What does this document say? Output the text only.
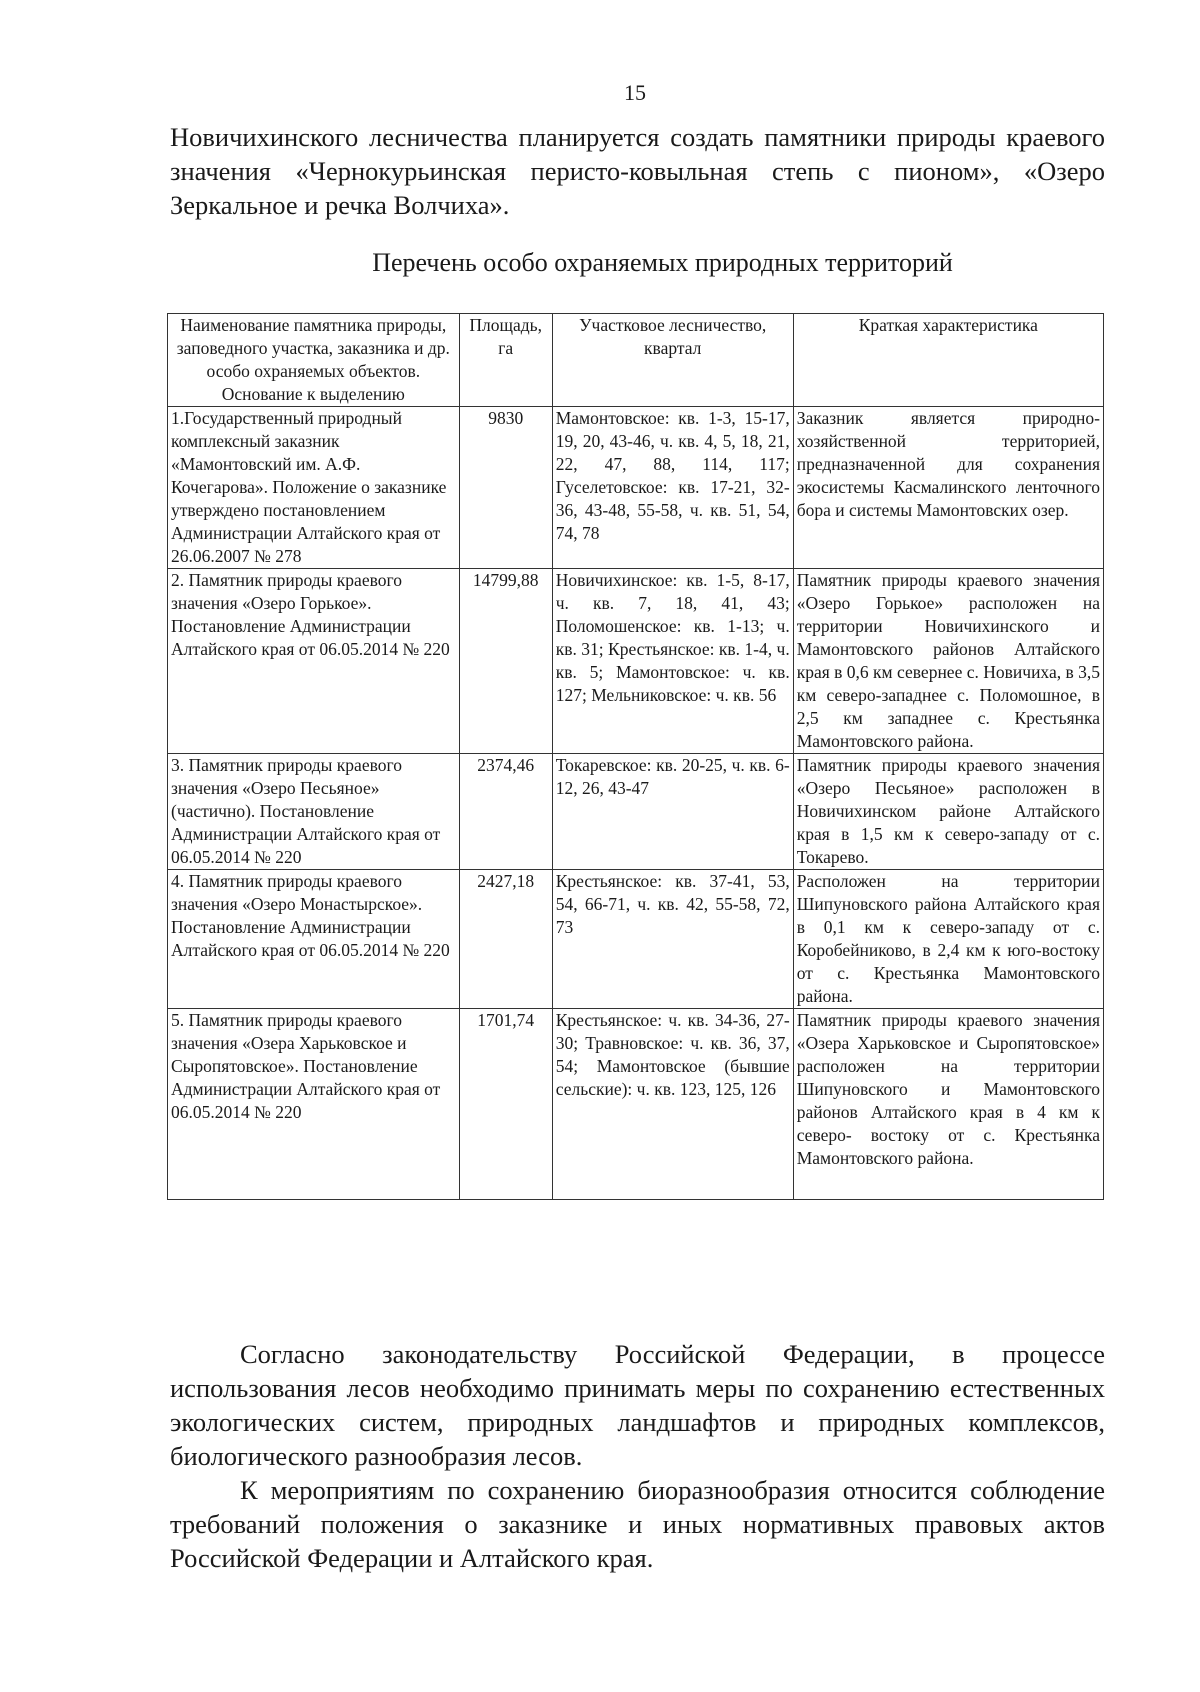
15

Новичихинского лесничества планируется создать памятники природы краевого значения «Чернокурьинская перисто-ковыльная степь с пионом», «Озеро Зеркальное и речка Волчиха».

Перечень особо охраняемых природных территорий
Наименование памятника природы, заповедного участка, заказника и др. особо охраняемых объектов. Основание к выделению	Площадь, га	Участковое лесничество, квартал	Краткая характеристика
1.Государственный природный комплексный заказник «Мамонтовский им. А.Ф. Кочегарова». Положение о заказнике утверждено постановлением Администрации Алтайского края от 26.06.2007 № 278	9830	Мамонтовское: кв. 1-3, 15-17, 19, 20, 43-46, ч. кв. 4, 5, 18, 21, 22, 47, 88, 114, 117; Гуселетовское: кв. 17-21, 32-36, 43-48, 55-58, ч. кв. 51, 54, 74, 78	Заказник является природно-хозяйственной территорией, предназначенной для сохранения экосистемы Касмалинского ленточного бора и системы Мамонтовских озер.
2. Памятник природы краевого значения «Озеро Горькое». Постановление Администрации Алтайского края от 06.05.2014 № 220	14799,88	Новичихинское: кв. 1-5, 8-17, ч. кв. 7, 18, 41, 43; Поломошенское: кв. 1-13; ч. кв. 31; Крестьянское: кв. 1-4, ч. кв. 5; Мамонтовское: ч. кв. 127; Мельниковское: ч. кв. 56	Памятник природы краевого значения «Озеро Горькое» расположен на территории Новичихинского и Мамонтовского районов Алтайского края в 0,6 км севернее с. Новичиха, в 3,5 км северо-западнее с. Поломошное, в 2,5 км западнее с. Крестьянка Мамонтовского района.
3. Памятник природы краевого значения «Озеро Песьяное» (частично). Постановление Администрации Алтайского края от 06.05.2014 № 220	2374,46	Токаревское: кв. 20-25, ч. кв. 6-12, 26, 43-47	Памятник природы краевого значения «Озеро Песьяное» расположен в Новичихинском районе Алтайского края в 1,5 км к северо-западу от с. Токарево.
4. Памятник природы краевого значения «Озеро Монастырское». Постановление Администрации Алтайского края от 06.05.2014 № 220	2427,18	Крестьянское: кв. 37-41, 53, 54, 66-71, ч. кв. 42, 55-58, 72, 73	Расположен на территории Шипуновского района Алтайского края в 0,1 км к северо-западу от с. Коробейниково, в 2,4 км к юго-востоку от с. Крестьянка Мамонтовского района.
5. Памятник природы краевого значения «Озера Харьковское и Сыропятовское». Постановление Администрации Алтайского края от 06.05.2014 № 220	1701,74	Крестьянское: ч. кв. 34-36, 27-30; Травновское: ч. кв. 36, 37, 54; Мамонтовское (бывшие сельские): ч. кв. 123, 125, 126	Памятник природы краевого значения «Озера Харьковское и Сыропятовское» расположен на территории Шипуновского и Мамонтовского районов Алтайского края в 4 км к северо- востоку от с. Крестьянка Мамонтовского района.

Согласно законодательству Российской Федерации, в процессе использования лесов необходимо принимать меры по сохранению естественных экологических систем, природных ландшафтов и природных комплексов, биологического разнообразия лесов.

К мероприятиям по сохранению биоразнообразия относится соблюдение требований положения о заказнике и иных нормативных правовых актов Российской Федерации и Алтайского края.
